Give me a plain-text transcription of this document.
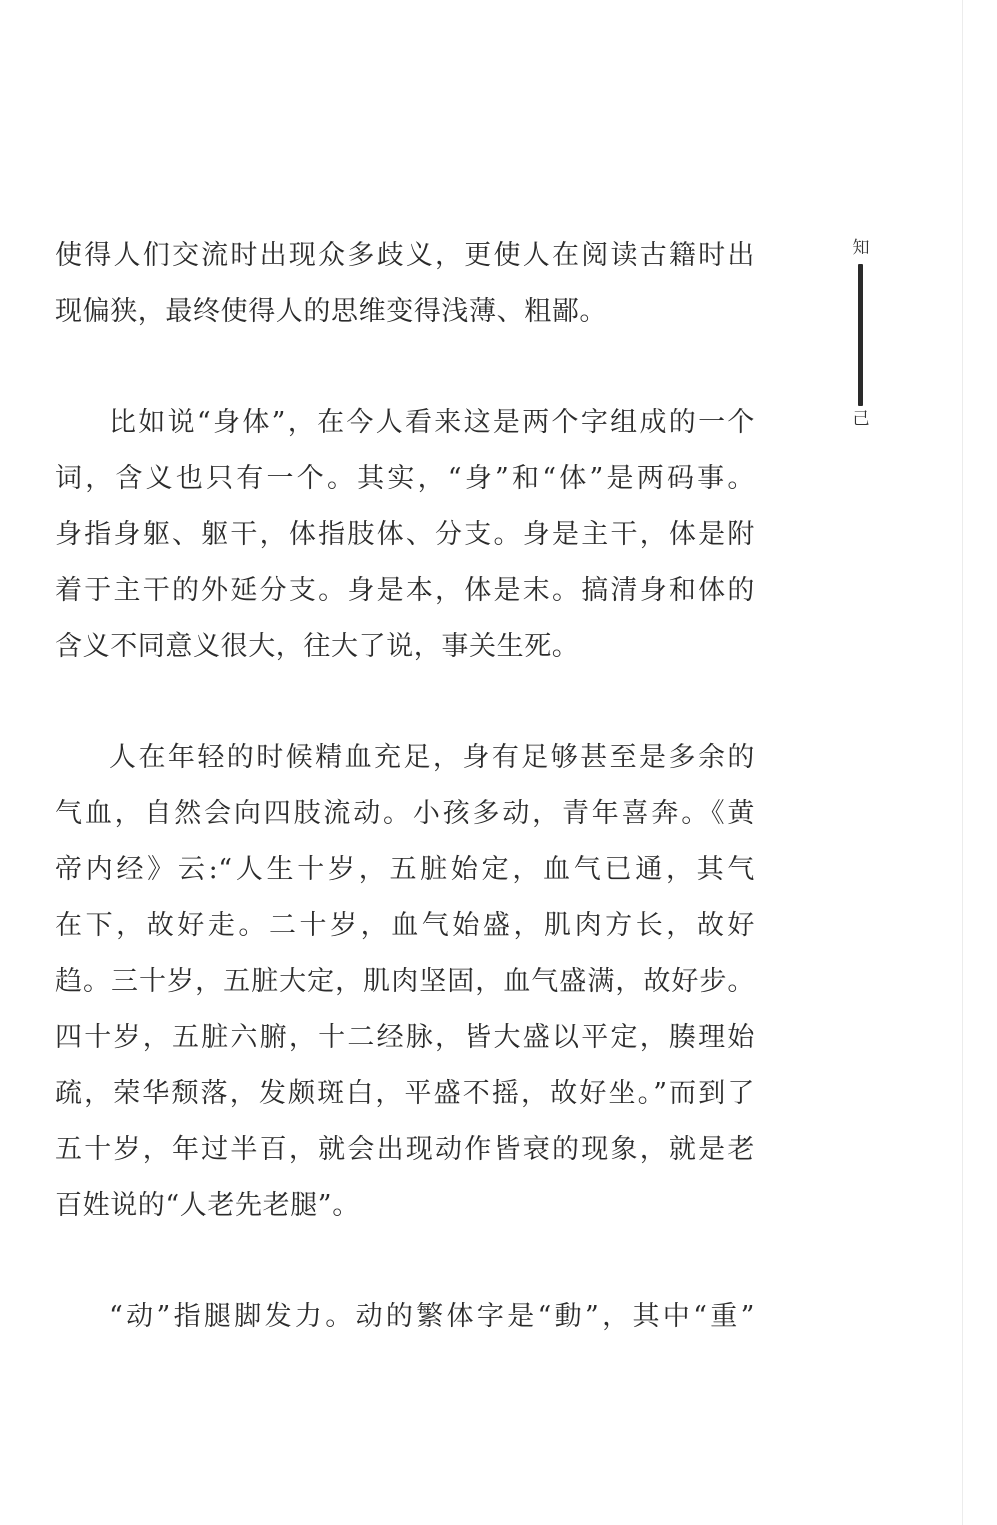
使得人们交流时出现众多歧义，更使人在阅读古籍时出
现偏狭，最终使得人的思维变得浅薄、粗鄙。
比如说“身体”，在今人看来这是两个字组成的一个
词，含义也只有一个。其实，“身”和“体”是两码事。
身指身躯、躯干，体指肢体、分支。身是主干，体是附
着于主干的外延分支。身是本，体是末。搞清身和体的
含义不同意义很大，往大了说，事关生死。
人在年轻的时候精血充足，身有足够甚至是多余的
气血，自然会向四肢流动。小孩多动，青年喜奔。《黄
帝内经》云:“人生十岁，五脏始定，血气已通，其气
在下，故好走。二十岁，血气始盛，肌肉方长，故好
趋。三十岁，五脏大定，肌肉坚固，血气盛满，故好步。
四十岁，五脏六腑，十二经脉，皆大盛以平定，腠理始
疏，荣华颓落，发颇斑白，平盛不摇，故好坐。”而到了
五十岁，年过半百，就会出现动作皆衰的现象，就是老
百姓说的“人老先老腿”。
“动”指腿脚发力。动的繁体字是“動”，其中“重”
知
己
